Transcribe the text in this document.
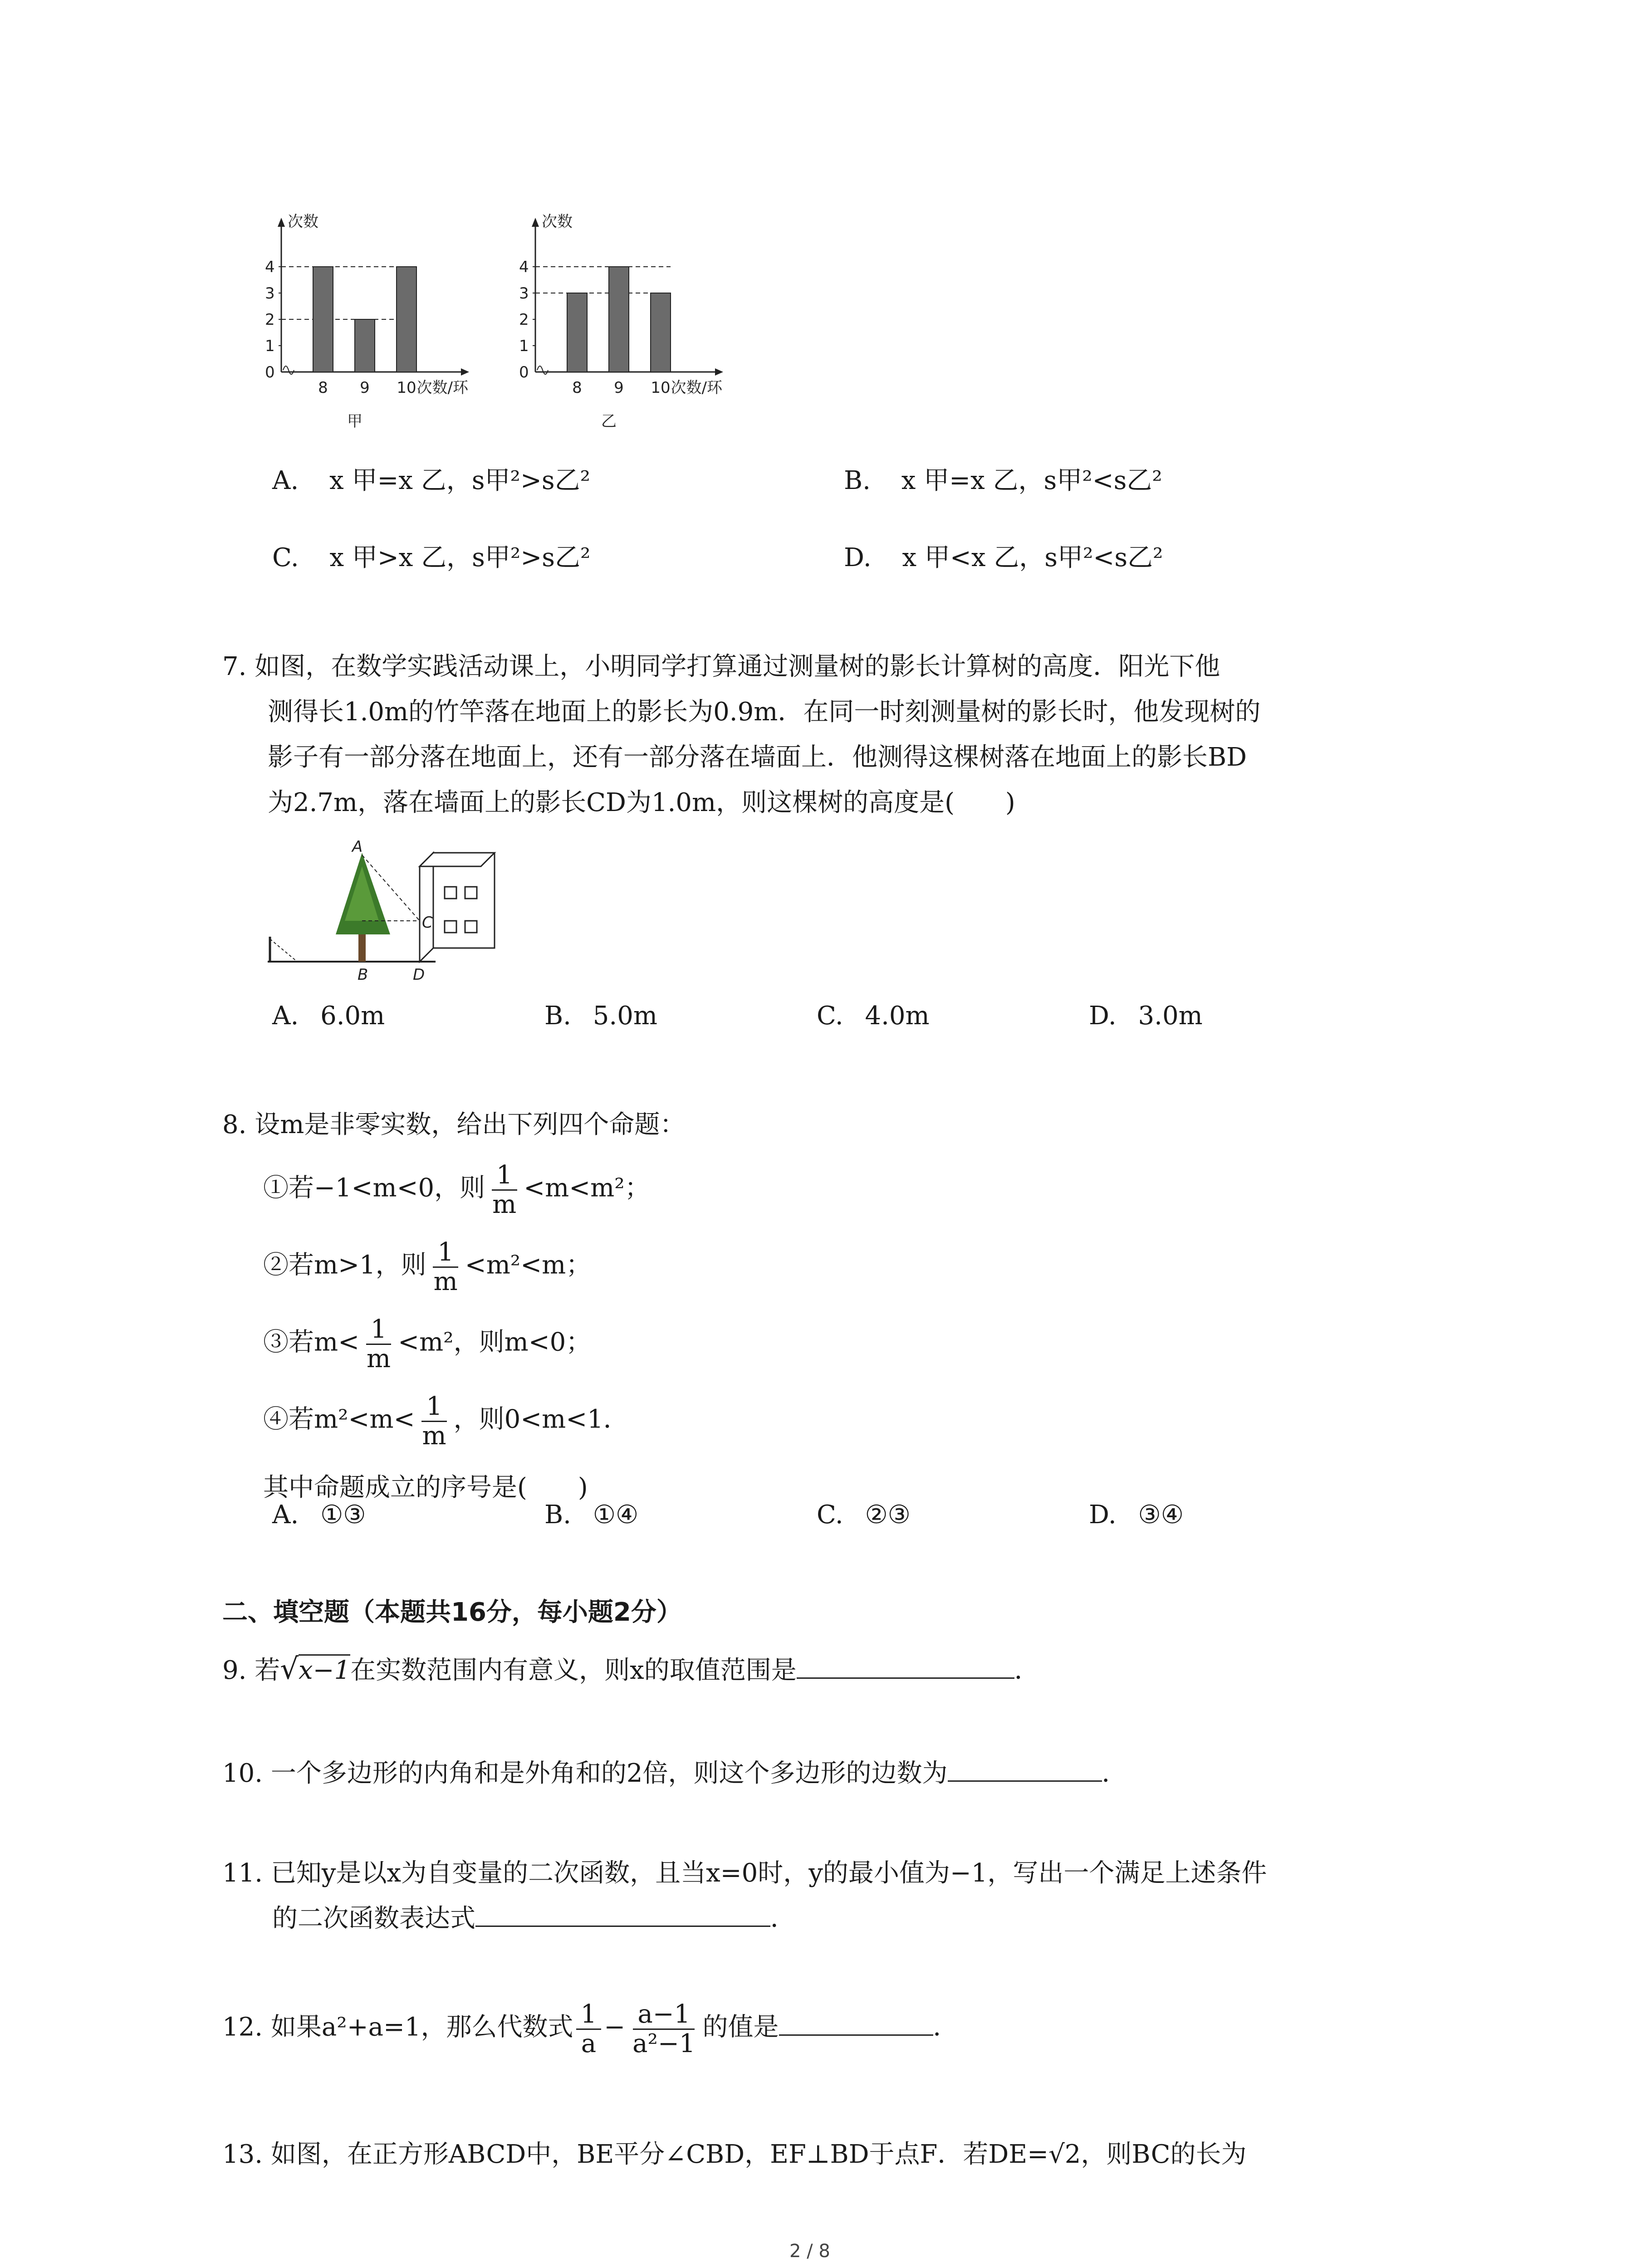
0
1
2
3
4
8 9 10
次数
次数/环
甲
0
1
2
3
4
8 9 10
次数
次数/环
乙
A. x 甲=x 乙，s甲²>s乙²	B. x 甲=x 乙，s甲²<s乙²
C. x 甲>x 乙，s甲²>s乙²	D. x 甲<x 乙，s甲²<s乙²
7. 如图，在数学实践活动课上，小明同学打算通过测量树的影长计算树的高度．阳光下他
测得长1.0m的竹竿落在地面上的影长为0.9m．在同一时刻测量树的影长时，他发现树的
影子有一部分落在地面上，还有一部分落在墙面上．他测得这棵树落在地面上的影长BD
为2.7m，落在墙面上的影长CD为1.0m，则这棵树的高度是(　　)
A
B
C
D
A. 6.0m	B. 5.0m	C. 4.0m	D. 3.0m
8. 设m是非零实数，给出下列四个命题：
①若−1<m<0，则 $\frac{1}{m} <m<m^2$；
②若m>1，则 $\frac{1}{m} <m^2<m$；
③若$m< \frac{1}{m} <m^2$，则m<0；
④若$m^2<m< \frac{1}{m}$ ，则0<m<1．
其中命题成立的序号是(　　)
A. ①③	B. ①④	C. ②③	D. ③④
二、填空题（本题共16分，每小题2分）
9. 若√x−1在实数范围内有意义，则x的取值范围是	．
10. 一个多边形的内角和是外角和的2倍，则这个多边形的边数为	．
11. 已知y是以x为自变量的二次函数，且当x=0时，y的最小值为−1，写出一个满足上述条件
的二次函数表达式	．
12. 如果a²+a=1，那么代数式 $\frac{1}{a} - \frac{a-1}{\text{a²−1}}$ 的值是	．
13. 如图，在正方形ABCD中，BE平分∠CBD，EF⊥BD于点F．若DE=√2，则BC的长为
2 / 8
